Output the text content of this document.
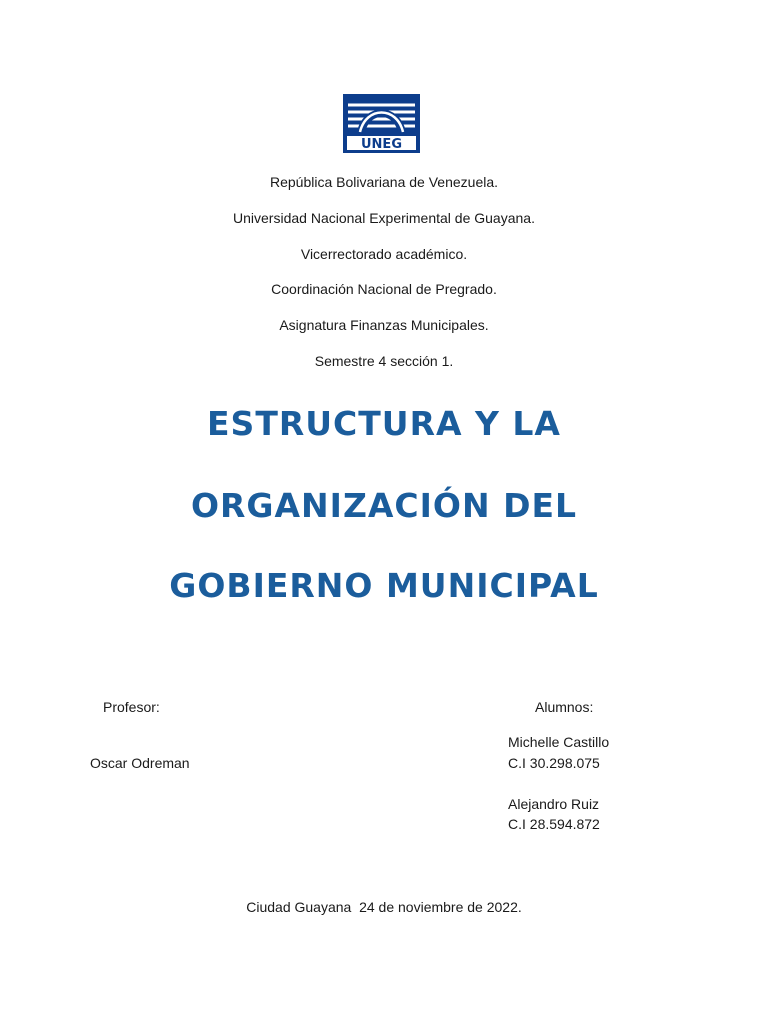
UNEG
República Bolivariana de Venezuela.
Universidad Nacional Experimental de Guayana.
Vicerrectorado académico.
Coordinación Nacional de Pregrado.
Asignatura Finanzas Municipales.
Semestre 4 sección 1.
ESTRUCTURA Y LA
ORGANIZACIÓN DEL
GOBIERNO MUNICIPAL
Profesor:
Oscar Odreman
Alumnos:
Michelle Castillo
C.I 30.298.075
Alejandro Ruiz
C.I 28.594.872
Ciudad Guayana  24 de noviembre de 2022.
